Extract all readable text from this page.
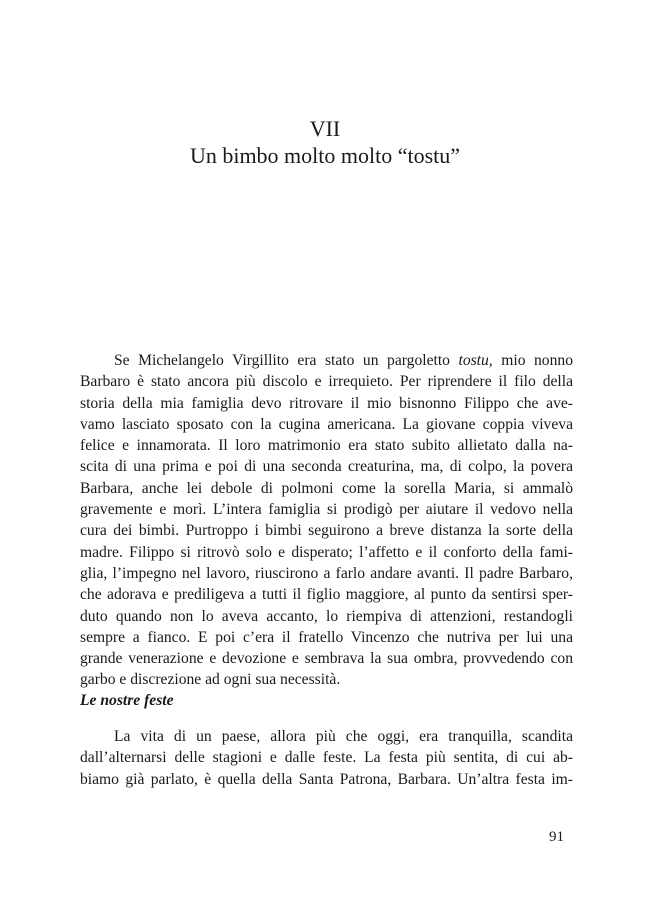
VII
Un bimbo molto molto “tostu”
Se Michelangelo Virgillito era stato un pargoletto tostu, mio nonno
Barbaro è stato ancora più discolo e irrequieto. Per riprendere il filo della
storia della mia famiglia devo ritrovare il mio bisnonno Filippo che ave-
vamo lasciato sposato con la cugina americana. La giovane coppia viveva
felice e innamorata. Il loro matrimonio era stato subito allietato dalla na-
scita di una prima e poi di una seconda creaturina, ma, di colpo, la povera
Barbara, anche lei debole di polmoni come la sorella Maria, si ammalò
gravemente e morì. L’intera famiglia si prodigò per aiutare il vedovo nella
cura dei bimbi. Purtroppo i bimbi seguirono a breve distanza la sorte della
madre. Filippo si ritrovò solo e disperato; l’affetto e il conforto della fami-
glia, l’impegno nel lavoro, riuscirono a farlo andare avanti. Il padre Barbaro,
che adorava e prediligeva a tutti il figlio maggiore, al punto da sentirsi sper-
duto quando non lo aveva accanto, lo riempiva di attenzioni, restandogli
sempre a fianco. E poi c’era il fratello Vincenzo che nutriva per lui una
grande venerazione e devozione e sembrava la sua ombra, provvedendo con
garbo e discrezione ad ogni sua necessità.
Le nostre feste
La vita di un paese, allora più che oggi, era tranquilla, scandita
dall’alternarsi delle stagioni e dalle feste. La festa più sentita, di cui ab-
biamo già parlato, è quella della Santa Patrona, Barbara. Un’altra festa im-
91
